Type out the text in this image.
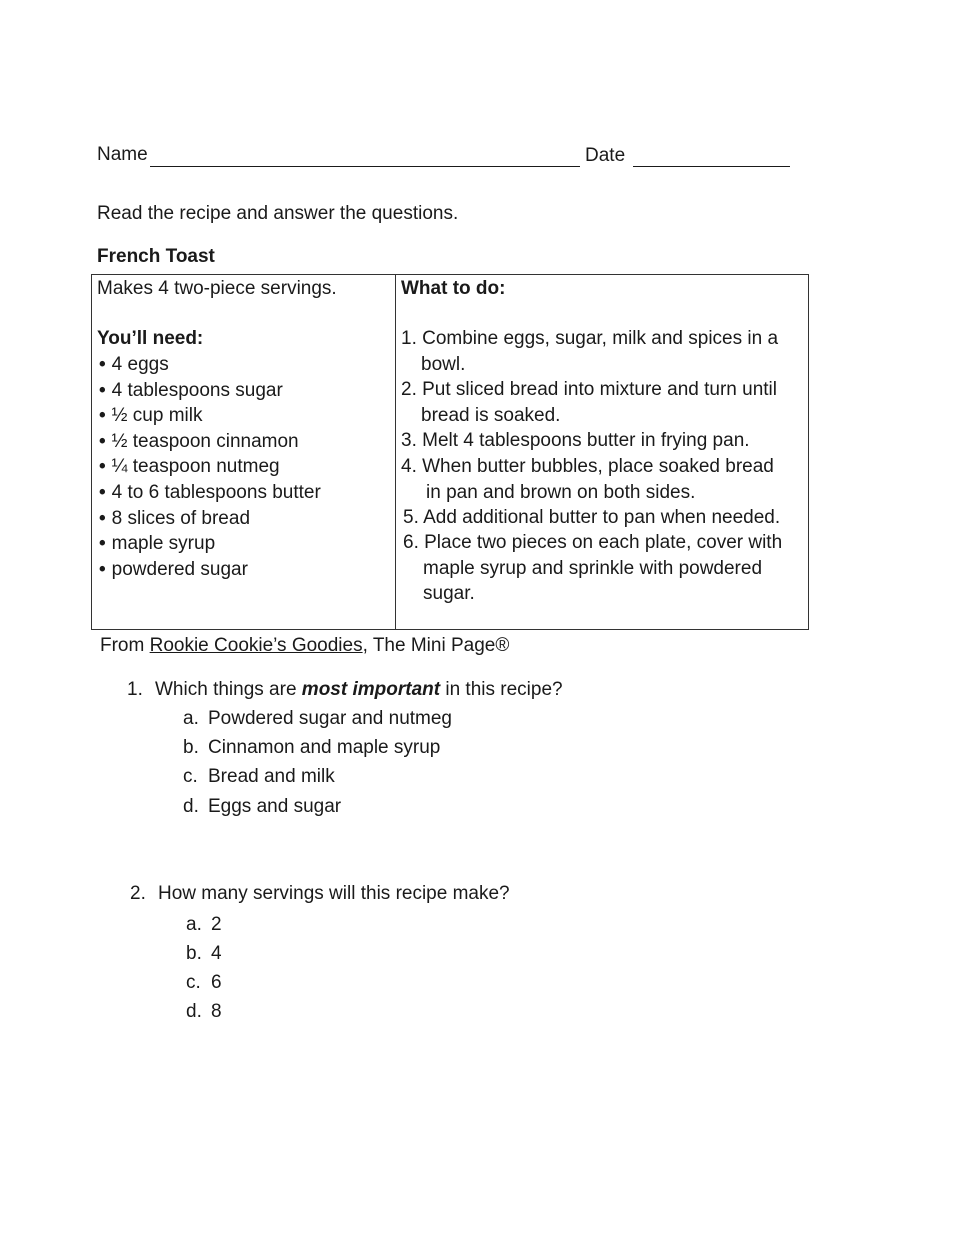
Name	Date
Read the recipe and answer the questions.
French Toast
Makes 4 two-piece servings.
You’ll need:
• 4 eggs
• 4 tablespoons sugar
• ½ cup milk
• ½ teaspoon cinnamon
• ¼ teaspoon nutmeg
• 4 to 6 tablespoons butter
• 8 slices of bread
• maple syrup
• powdered sugar
What to do:
1. Combine eggs, sugar, milk and spices in a
bowl.
2. Put sliced bread into mixture and turn until
bread is soaked.
3. Melt 4 tablespoons butter in frying pan.
4. When butter bubbles, place soaked bread
in pan and brown on both sides.
5. Add additional butter to pan when needed.
6. Place two pieces on each plate, cover with
maple syrup and sprinkle with powdered
sugar.
From Rookie Cookie’s Goodies, The Mini Page®
1. Which things are most important in this recipe?
a. Powdered sugar and nutmeg
b. Cinnamon and maple syrup
c. Bread and milk
d. Eggs and sugar
2. How many servings will this recipe make?
a. 2
b. 4
c. 6
d. 8
